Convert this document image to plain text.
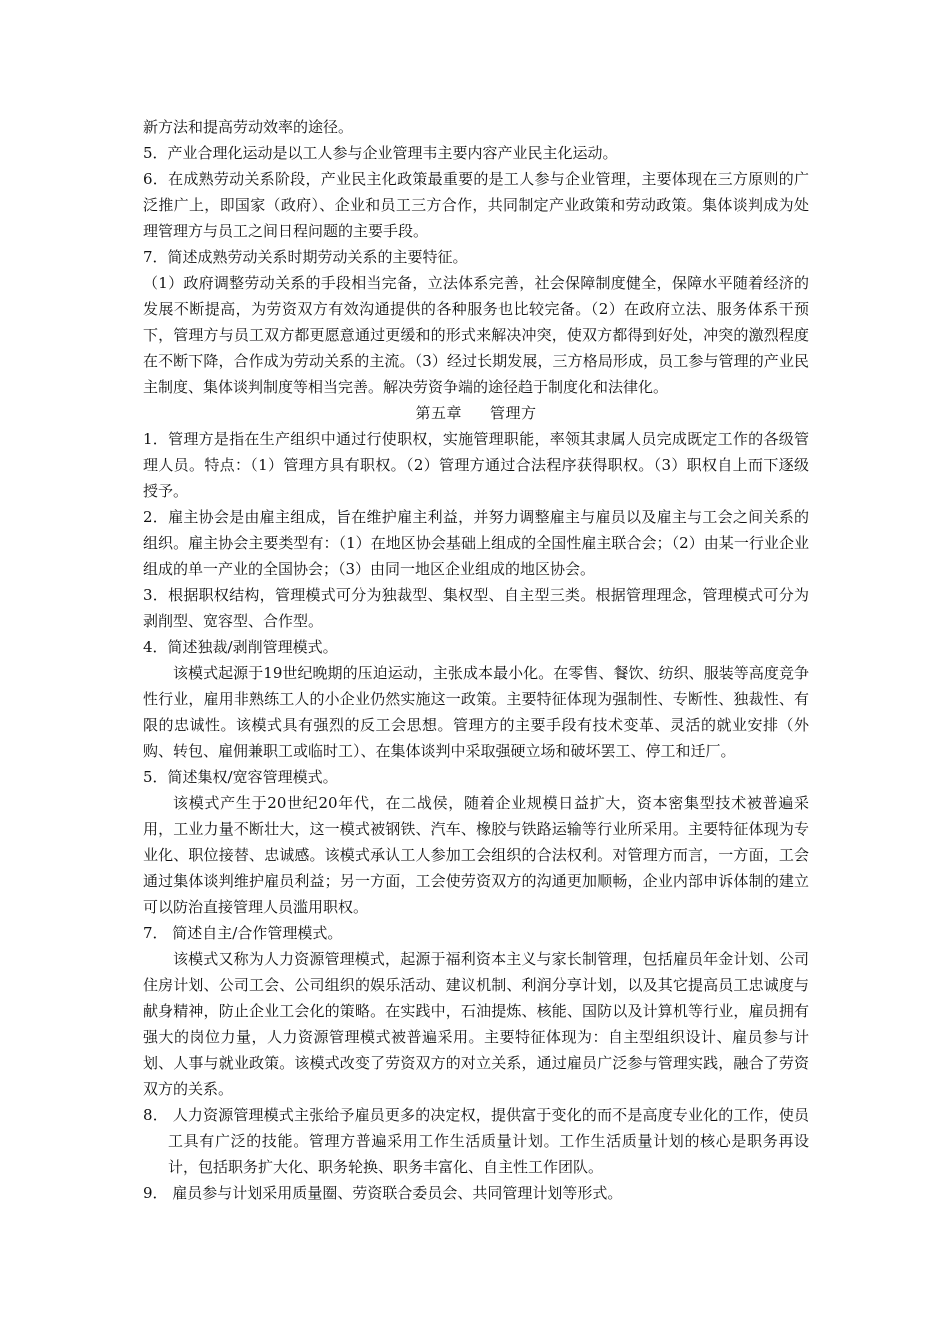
新方法和提高劳动效率的途径。

5．产业合理化运动是以工人参与企业管理韦主要内容产业民主化运动。

6．在成熟劳动关系阶段，产业民主化政策最重要的是工人参与企业管理，主要体现在三方原则的广泛推广上，即国家（政府）、企业和员工三方合作，共同制定产业政策和劳动政策。集体谈判成为处理管理方与员工之间日程问题的主要手段。

7．简述成熟劳动关系时期劳动关系的主要特征。

（1）政府调整劳动关系的手段相当完备，立法体系完善，社会保障制度健全，保障水平随着经济的发展不断提高，为劳资双方有效沟通提供的各种服务也比较完备。（2）在政府立法、服务体系干预下，管理方与员工双方都更愿意通过更缓和的形式来解决冲突，使双方都得到好处，冲突的激烈程度在不断下降，合作成为劳动关系的主流。（3）经过长期发展，三方格局形成，员工参与管理的产业民主制度、集体谈判制度等相当完善。解决劳资争端的途径趋于制度化和法律化。

第五章 管理方

1．管理方是指在生产组织中通过行使职权，实施管理职能，率领其隶属人员完成既定工作的各级管理人员。特点：（1）管理方具有职权。（2）管理方通过合法程序获得职权。（3）职权自上而下逐级授予。

2．雇主协会是由雇主组成，旨在维护雇主利益，并努力调整雇主与雇员以及雇主与工会之间关系的组织。雇主协会主要类型有：（1）在地区协会基础上组成的全国性雇主联合会；（2）由某一行业企业组成的单一产业的全国协会；（3）由同一地区企业组成的地区协会。

3．根据职权结构，管理模式可分为独裁型、集权型、自主型三类。根据管理理念，管理模式可分为剥削型、宽容型、合作型。

4．简述独裁/剥削管理模式。

该模式起源于19世纪晚期的压迫运动，主张成本最小化。在零售、餐饮、纺织、服装等高度竞争性行业，雇用非熟练工人的小企业仍然实施这一政策。主要特征体现为强制性、专断性、独裁性、有限的忠诚性。该模式具有强烈的反工会思想。管理方的主要手段有技术变革、灵活的就业安排（外购、转包、雇佣兼职工或临时工）、在集体谈判中采取强硬立场和破坏罢工、停工和迁厂。

5．简述集权/宽容管理模式。

该模式产生于20世纪20年代，在二战侯，随着企业规模日益扩大，资本密集型技术被普遍采用，工业力量不断壮大，这一模式被钢铁、汽车、橡胶与铁路运输等行业所采用。主要特征体现为专业化、职位接替、忠诚感。该模式承认工人参加工会组织的合法权利。对管理方而言，一方面，工会通过集体谈判维护雇员利益；另一方面，工会使劳资双方的沟通更加顺畅，企业内部申诉体制的建立可以防治直接管理人员滥用职权。

7． 简述自主/合作管理模式。

该模式又称为人力资源管理模式，起源于福利资本主义与家长制管理，包括雇员年金计划、公司住房计划、公司工会、公司组织的娱乐活动、建议机制、利润分享计划，以及其它提高员工忠诚度与献身精神，防止企业工会化的策略。在实践中，石油提炼、核能、国防以及计算机等行业，雇员拥有强大的岗位力量，人力资源管理模式被普遍采用。主要特征体现为：自主型组织设计、雇员参与计划、人事与就业政策。该模式改变了劳资双方的对立关系，通过雇员广泛参与管理实践，融合了劳资双方的关系。

8． 人力资源管理模式主张给予雇员更多的决定权，提供富于变化的而不是高度专业化的工作，使员工具有广泛的技能。管理方普遍采用工作生活质量计划。工作生活质量计划的核心是职务再设计，包括职务扩大化、职务轮换、职务丰富化、自主性工作团队。

9． 雇员参与计划采用质量圈、劳资联合委员会、共同管理计划等形式。
